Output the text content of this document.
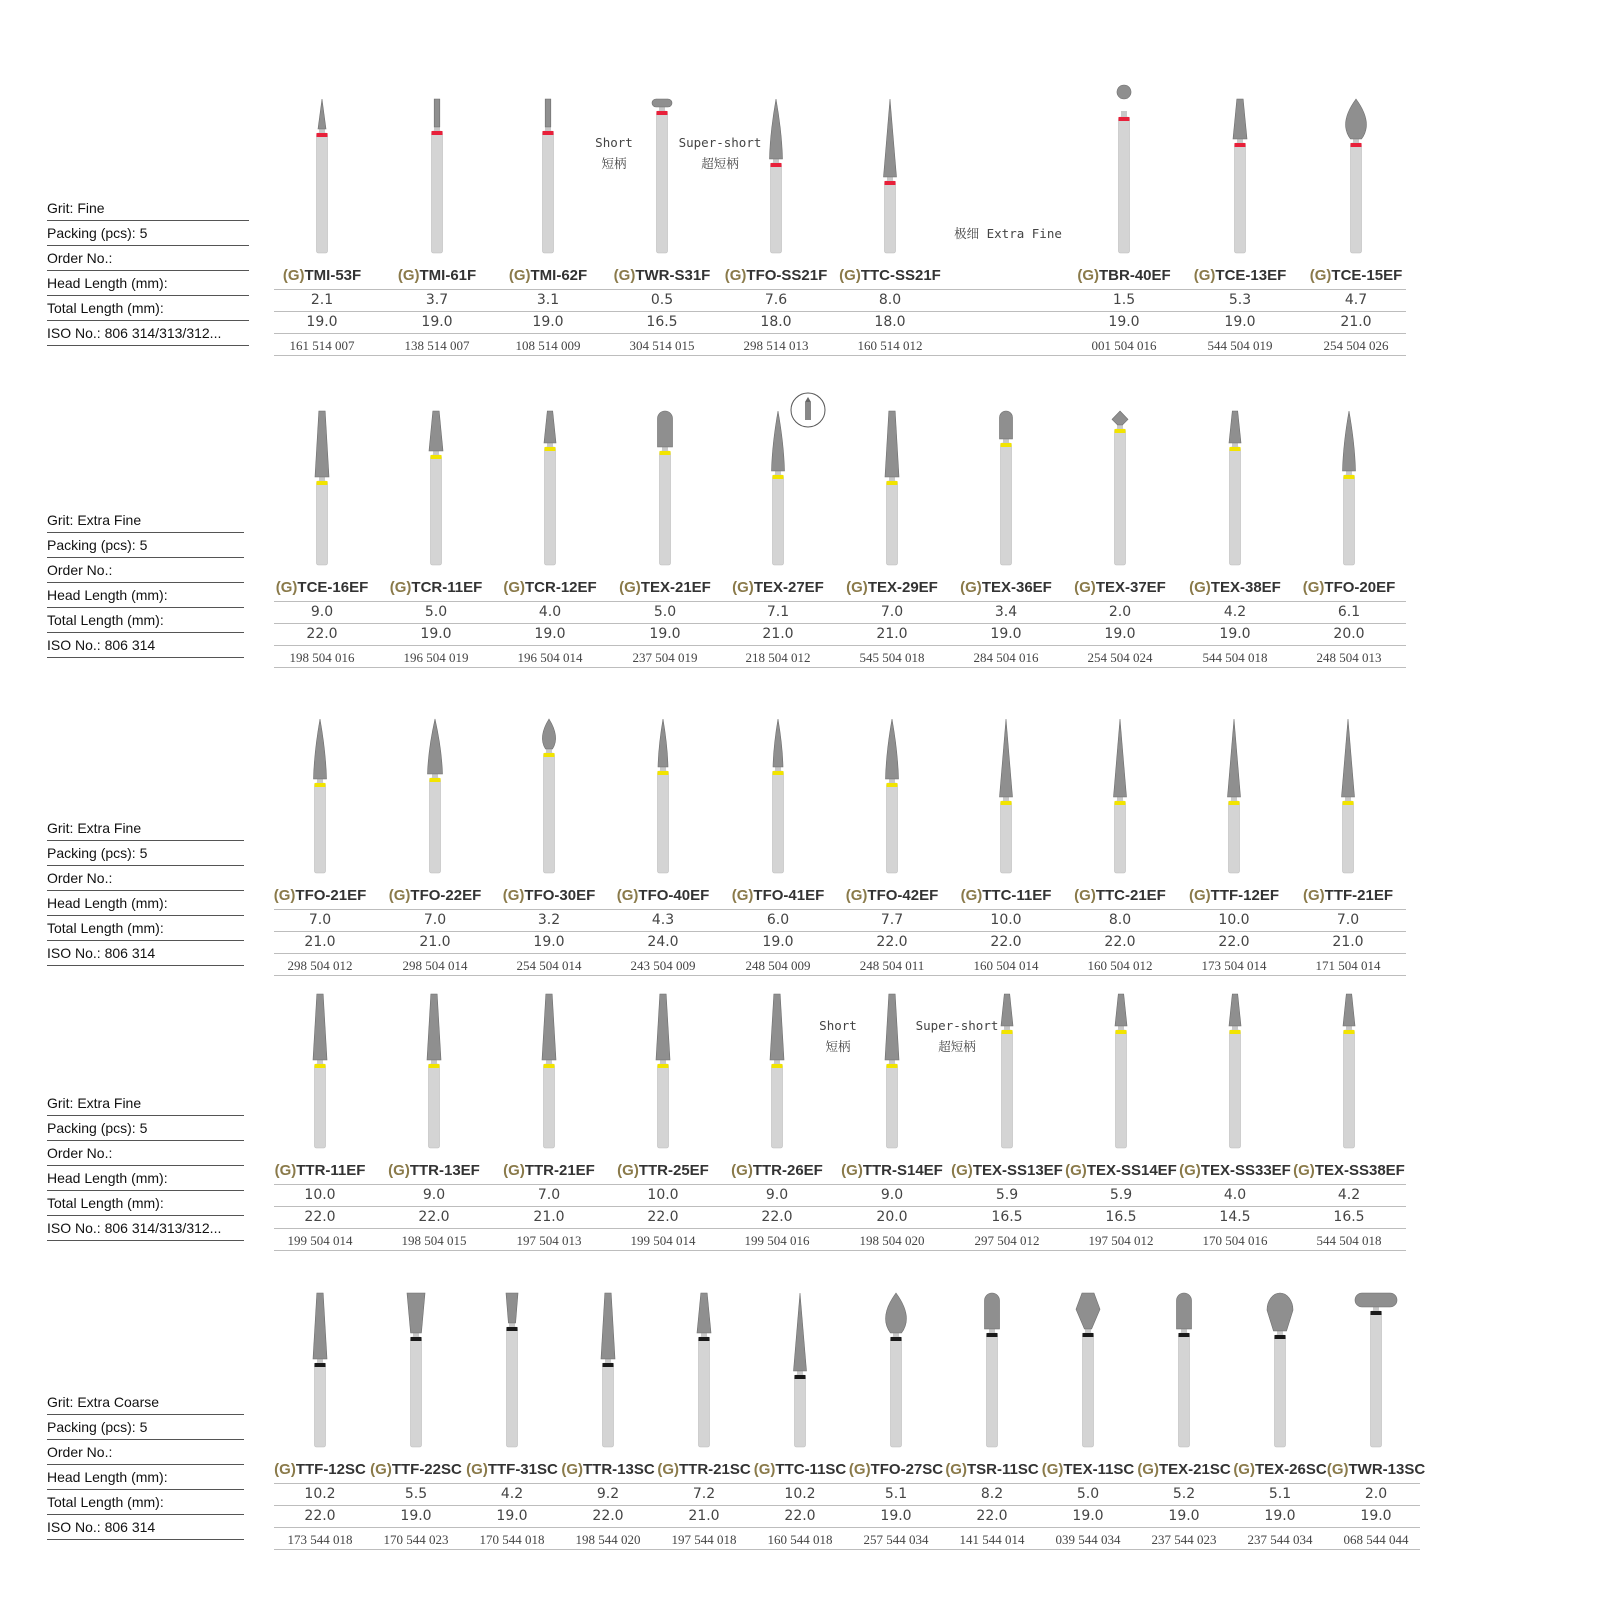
Grit: Fine
Packing (pcs): 5
Order No.:
Head Length (mm):
Total Length (mm):
ISO No.: 806 314/313/312...
(G)TMI-53F
2.1
19.0
161 514 007
(G)TMI-61F
3.7
19.0
138 514 007
(G)TMI-62F
3.1
19.0
108 514 009
(G)TWR-S31F
0.5
16.5
304 514 015
(G)TFO-SS21F
7.6
18.0
298 514 013
(G)TTC-SS21F
8.0
18.0
160 514 012
(G)TBR-40EF
1.5
19.0
001 504 016
(G)TCE-13EF
5.3
19.0
544 504 019
(G)TCE-15EF
4.7
21.0
254 504 026
Short
短柄
Super-short
超短柄
极细 Extra Fine
Grit: Extra Fine
Packing (pcs): 5
Order No.:
Head Length (mm):
Total Length (mm):
ISO No.: 806 314
(G)TCE-16EF
9.0
22.0
198 504 016
(G)TCR-11EF
5.0
19.0
196 504 019
(G)TCR-12EF
4.0
19.0
196 504 014
(G)TEX-21EF
5.0
19.0
237 504 019
(G)TEX-27EF
7.1
21.0
218 504 012
(G)TEX-29EF
7.0
21.0
545 504 018
(G)TEX-36EF
3.4
19.0
284 504 016
(G)TEX-37EF
2.0
19.0
254 504 024
(G)TEX-38EF
4.2
19.0
544 504 018
(G)TFO-20EF
6.1
20.0
248 504 013
Grit: Extra Fine
Packing (pcs): 5
Order No.:
Head Length (mm):
Total Length (mm):
ISO No.: 806 314
(G)TFO-21EF
7.0
21.0
298 504 012
(G)TFO-22EF
7.0
21.0
298 504 014
(G)TFO-30EF
3.2
19.0
254 504 014
(G)TFO-40EF
4.3
24.0
243 504 009
(G)TFO-41EF
6.0
19.0
248 504 009
(G)TFO-42EF
7.7
22.0
248 504 011
(G)TTC-11EF
10.0
22.0
160 504 014
(G)TTC-21EF
8.0
22.0
160 504 012
(G)TTF-12EF
10.0
22.0
173 504 014
(G)TTF-21EF
7.0
21.0
171 504 014
Grit: Extra Fine
Packing (pcs): 5
Order No.:
Head Length (mm):
Total Length (mm):
ISO No.: 806 314/313/312...
(G)TTR-11EF
10.0
22.0
199 504 014
(G)TTR-13EF
9.0
22.0
198 504 015
(G)TTR-21EF
7.0
21.0
197 504 013
(G)TTR-25EF
10.0
22.0
199 504 014
(G)TTR-26EF
9.0
22.0
199 504 016
(G)TTR-S14EF
9.0
20.0
198 504 020
(G)TEX-SS13EF
5.9
16.5
297 504 012
(G)TEX-SS14EF
5.9
16.5
197 504 012
(G)TEX-SS33EF
4.0
14.5
170 504 016
(G)TEX-SS38EF
4.2
16.5
544 504 018
Short
短柄
Super-short
超短柄
Grit: Extra Coarse
Packing (pcs): 5
Order No.:
Head Length (mm):
Total Length (mm):
ISO No.: 806 314
(G)TTF-12SC
10.2
22.0
173 544 018
(G)TTF-22SC
5.5
19.0
170 544 023
(G)TTF-31SC
4.2
19.0
170 544 018
(G)TTR-13SC
9.2
22.0
198 544 020
(G)TTR-21SC
7.2
21.0
197 544 018
(G)TTC-11SC
10.2
22.0
160 544 018
(G)TFO-27SC
5.1
19.0
257 544 034
(G)TSR-11SC
8.2
22.0
141 544 014
(G)TEX-11SC
5.0
19.0
039 544 034
(G)TEX-21SC
5.2
19.0
237 544 023
(G)TEX-26SC
5.1
19.0
237 544 034
(G)TWR-13SC
2.0
19.0
068 544 044
